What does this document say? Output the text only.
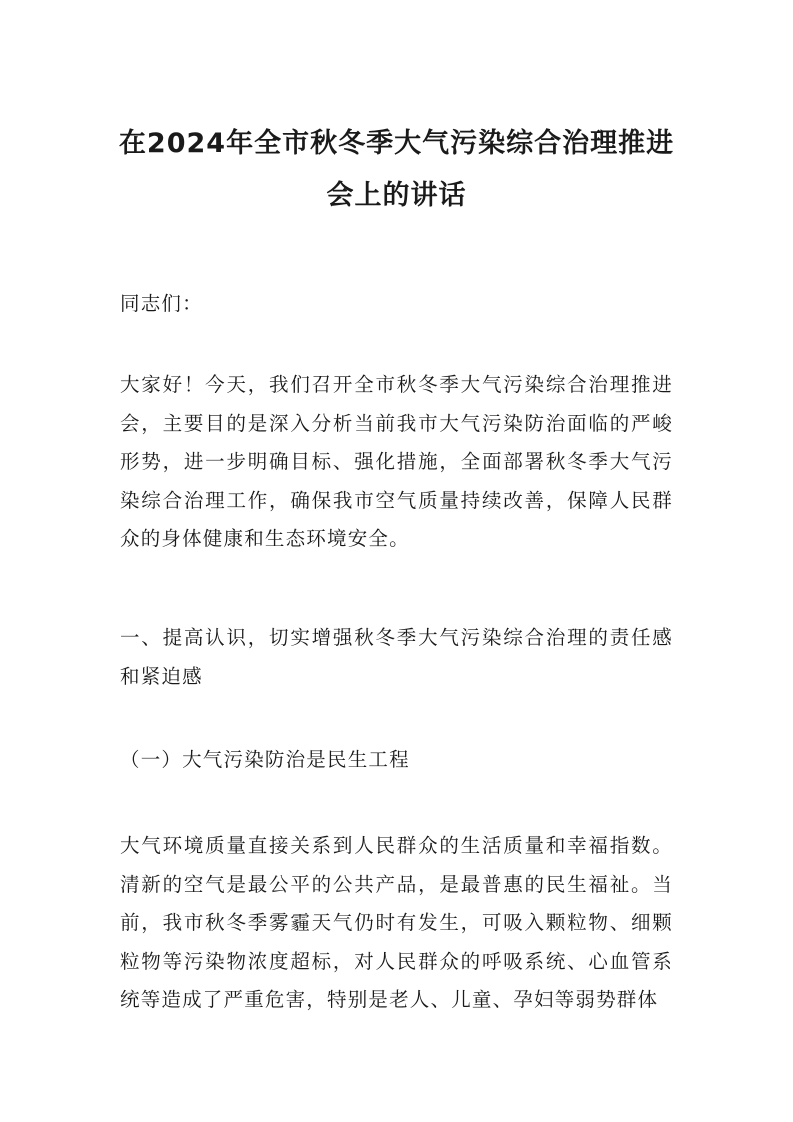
在2024年全市秋冬季大气污染综合治理推进会上的讲话

同志们：

大家好！今天，我们召开全市秋冬季大气污染综合治理推进会，主要目的是深入分析当前我市大气污染防治面临的严峻形势，进一步明确目标、强化措施，全面部署秋冬季大气污染综合治理工作，确保我市空气质量持续改善，保障人民群众的身体健康和生态环境安全。

一、提高认识，切实增强秋冬季大气污染综合治理的责任感和紧迫感

（一）大气污染防治是民生工程

大气环境质量直接关系到人民群众的生活质量和幸福指数。清新的空气是最公平的公共产品，是最普惠的民生福祉。当前，我市秋冬季雾霾天气仍时有发生，可吸入颗粒物、细颗粒物等污染物浓度超标，对人民群众的呼吸系统、心血管系统等造成了严重危害，特别是老人、儿童、孕妇等弱势群体
